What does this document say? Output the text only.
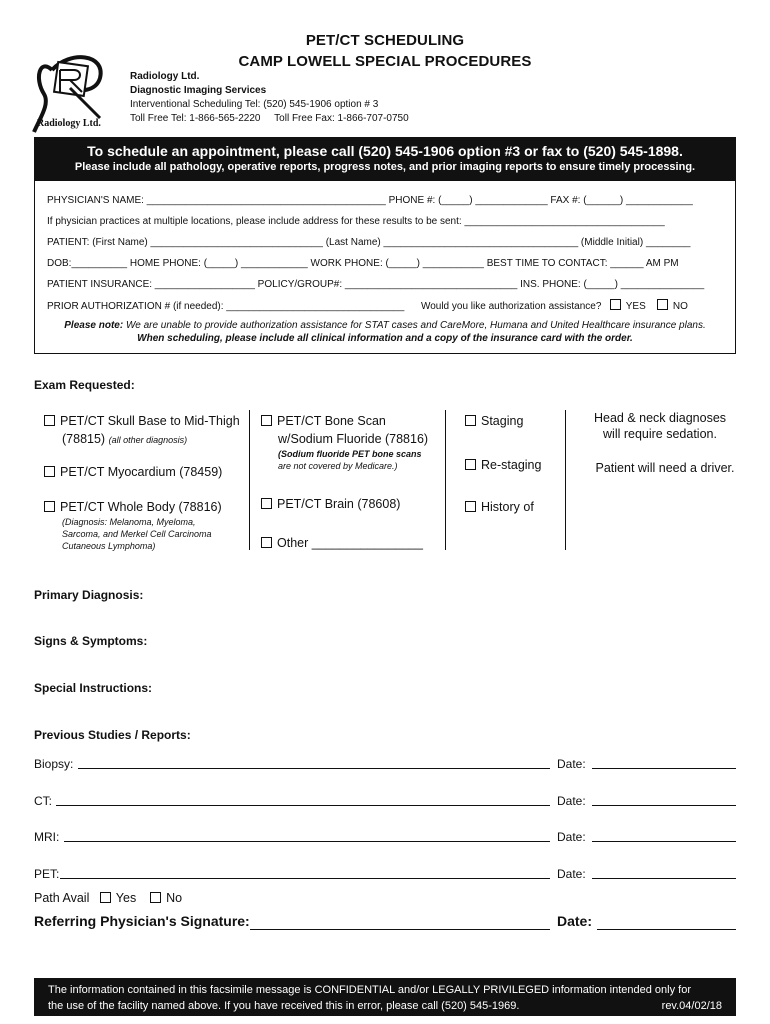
PET/CT SCHEDULING
CAMP LOWELL SPECIAL PROCEDURES
Radiology Ltd.
Radiology Ltd.
Diagnostic Imaging Services
Interventional Scheduling Tel: (520) 545-1906 option # 3
Toll Free Tel: 1-866-565-2220     Toll Free Fax: 1-866-707-0750
To schedule an appointment, please call (520) 545-1906 option #3 or fax to (520) 545-1898.
Please include all pathology, operative reports, progress notes, and prior imaging reports to ensure timely processing.
PHYSICIAN'S NAME: ___________________________________________ PHONE #: (_____) _____________ FAX #: (______) ____________
If physician practices at multiple locations, please include address for these results to be sent: ____________________________________
PATIENT: (First Name) _______________________________ (Last Name) ___________________________________ (Middle Initial) ________
DOB:__________ HOME PHONE: (_____) ____________ WORK PHONE: (_____) ___________ BEST TIME TO CONTACT: ______ AM PM
PATIENT INSURANCE: __________________ POLICY/GROUP#: _______________________________ INS. PHONE: (_____) _______________
PRIOR AUTHORIZATION # (if needed): ________________________________      Would you like authorization assistance? YES	NO
Please note: We are unable to provide authorization assistance for STAT cases and CareMore, Humana and United Healthcare insurance plans.
When scheduling, please include all clinical information and a copy of the insurance card with the order.
Exam Requested:
PET/CT Skull Base to Mid-Thigh
(78815) (all other diagnosis)
PET/CT Myocardium (78459)
PET/CT Whole Body (78816)
(Diagnosis: Melanoma, Myeloma,
Sarcoma, and Merkel Cell Carcinoma
Cutaneous Lymphoma)
PET/CT Bone Scan
w/Sodium Fluoride (78816)
(Sodium fluoride PET bone scans
are not covered by Medicare.)
PET/CT Brain (78608)
Other ________________
Staging
Re-staging
History of
Head & neck diagnoses
will require sedation.
Patient will need a driver.
Primary Diagnosis:
Signs & Symptoms:
Special Instructions:
Previous Studies / Reports:
Biopsy:	Date:
CT:	Date:
MRI:	Date:
PET:	Date:
Path Avail Yes No
Referring Physician's Signature:	Date:
The information contained in this facsimile message is CONFIDENTIAL and/or LEGALLY PRIVILEGED information intended only for
rev.04/02/18
the use of the facility named above. If you have received this in error, please call (520) 545-1969.
